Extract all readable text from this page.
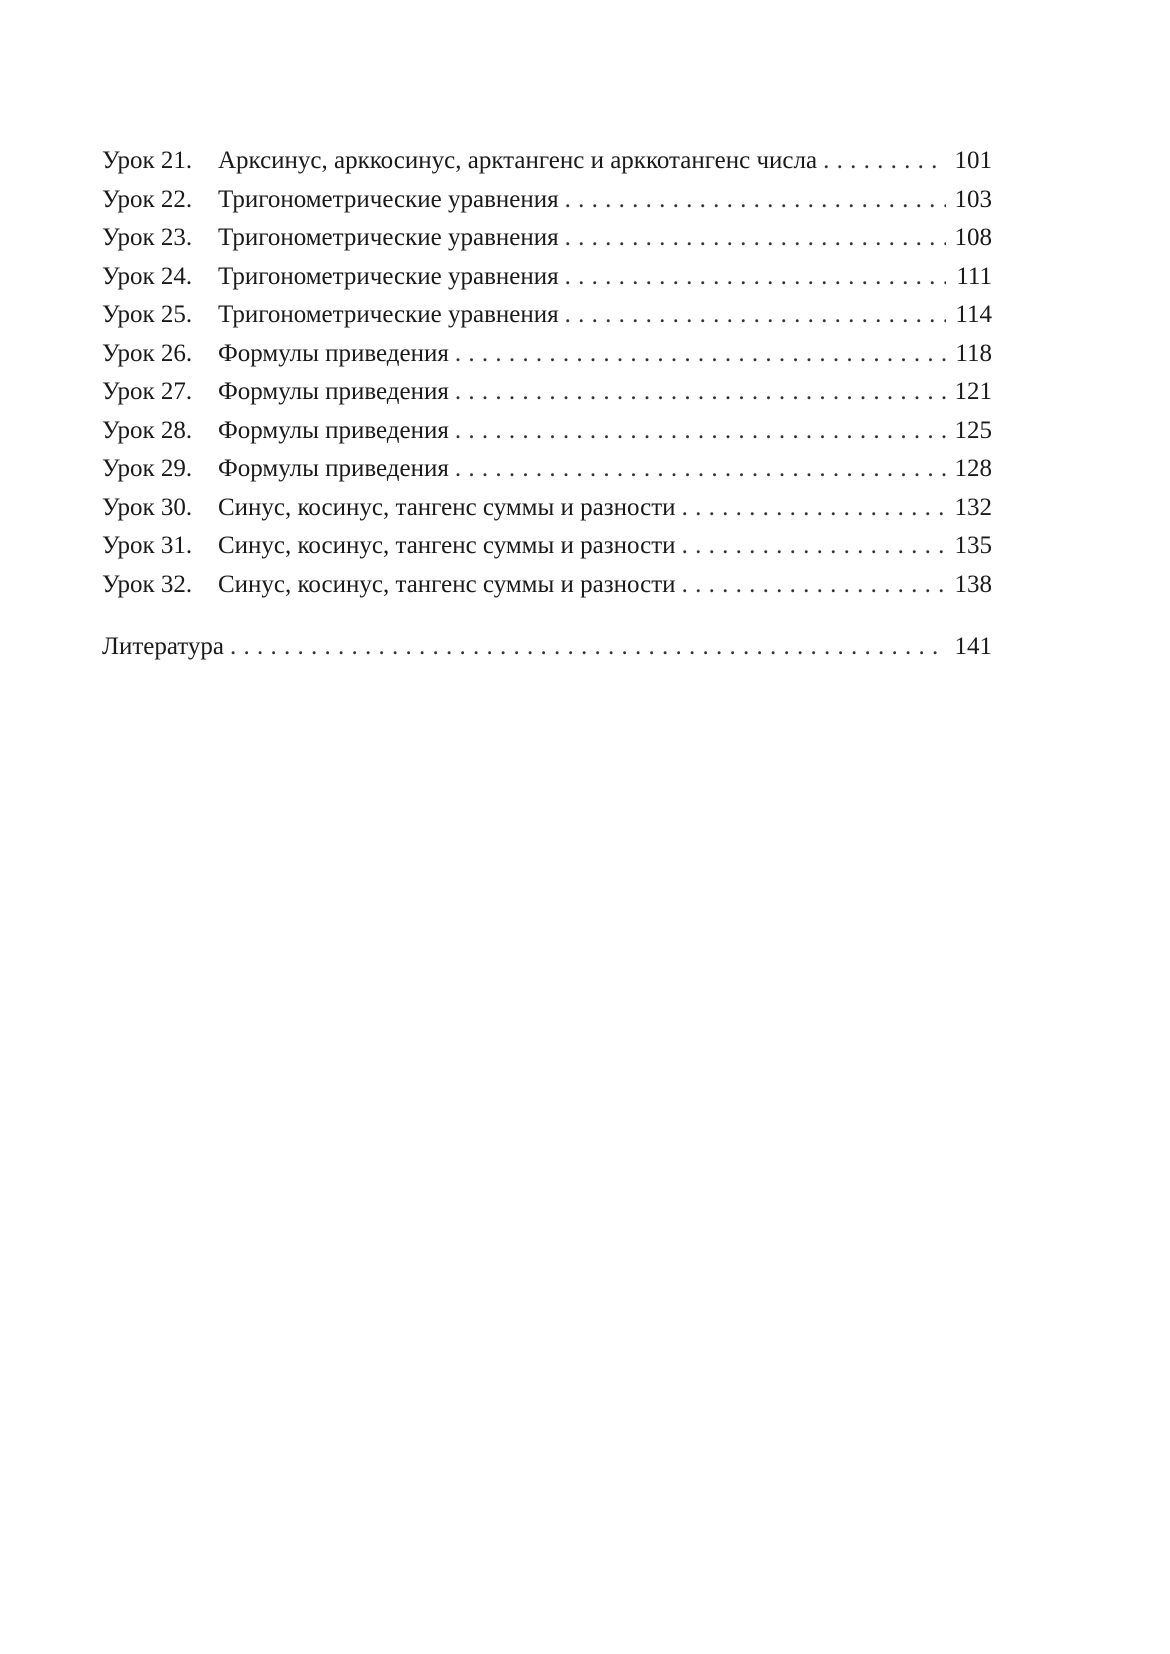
Урок 21.	Арксинус, арккосинус, арктангенс и арккотангенс числа . . .	101
Урок 22.	Тригонометрические уравнения . . .	103
Урок 23.	Тригонометрические уравнения . . .	108
Урок 24.	Тригонометрические уравнения . . .	111
Урок 25.	Тригонометрические уравнения . . .	114
Урок 26.	Формулы приведения . . .	118
Урок 27.	Формулы приведения . . .	121
Урок 28.	Формулы приведения . . .	125
Урок 29.	Формулы приведения . . .	128
Урок 30.	Синус, косинус, тангенс суммы и разности . . .	132
Урок 31.	Синус, косинус, тангенс суммы и разности . . .	135
Урок 32.	Синус, косинус, тангенс суммы и разности . . .	138
Литература . . .	141
